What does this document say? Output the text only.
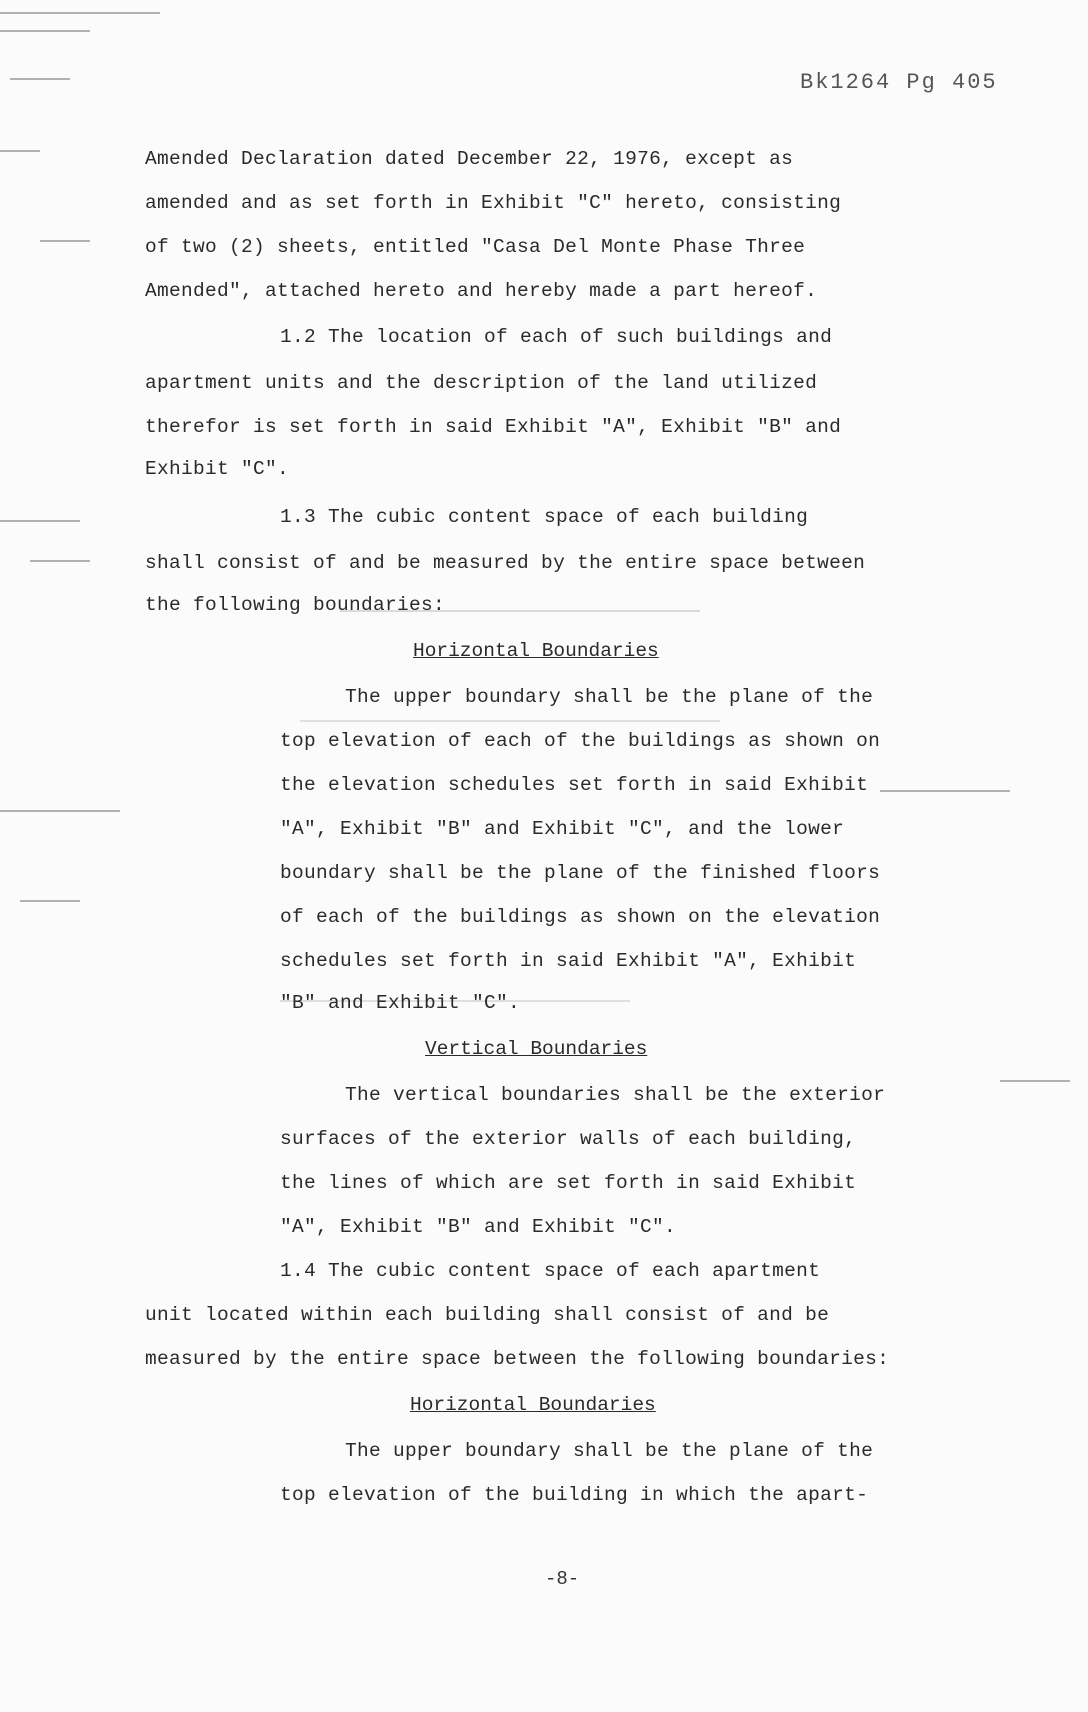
Bk1264 Pg 405
Amended Declaration dated December 22, 1976, except as
amended and as set forth in Exhibit "C" hereto, consisting
of two (2) sheets, entitled "Casa Del Monte Phase Three
Amended", attached hereto and hereby made a part hereof.
1.2 The location of each of such buildings and
apartment units and the description of the land utilized
therefor is set forth in said Exhibit "A", Exhibit "B" and
Exhibit "C".
1.3 The cubic content space of each building
shall consist of and be measured by the entire space between
the following boundaries:
Horizontal Boundaries
The upper boundary shall be the plane of the
top elevation of each of the buildings as shown on
the elevation schedules set forth in said Exhibit
"A", Exhibit "B" and Exhibit "C", and the lower
boundary shall be the plane of the finished floors
of each of the buildings as shown on the elevation
schedules set forth in said Exhibit "A", Exhibit
"B" and Exhibit "C".
Vertical Boundaries
The vertical boundaries shall be the exterior
surfaces of the exterior walls of each building,
the lines of which are set forth in said Exhibit
"A", Exhibit "B" and Exhibit "C".
1.4 The cubic content space of each apartment
unit located within each building shall consist of and be
measured by the entire space between the following boundaries:
Horizontal Boundaries
The upper boundary shall be the plane of the
top elevation of the building in which the apart-
-8-
